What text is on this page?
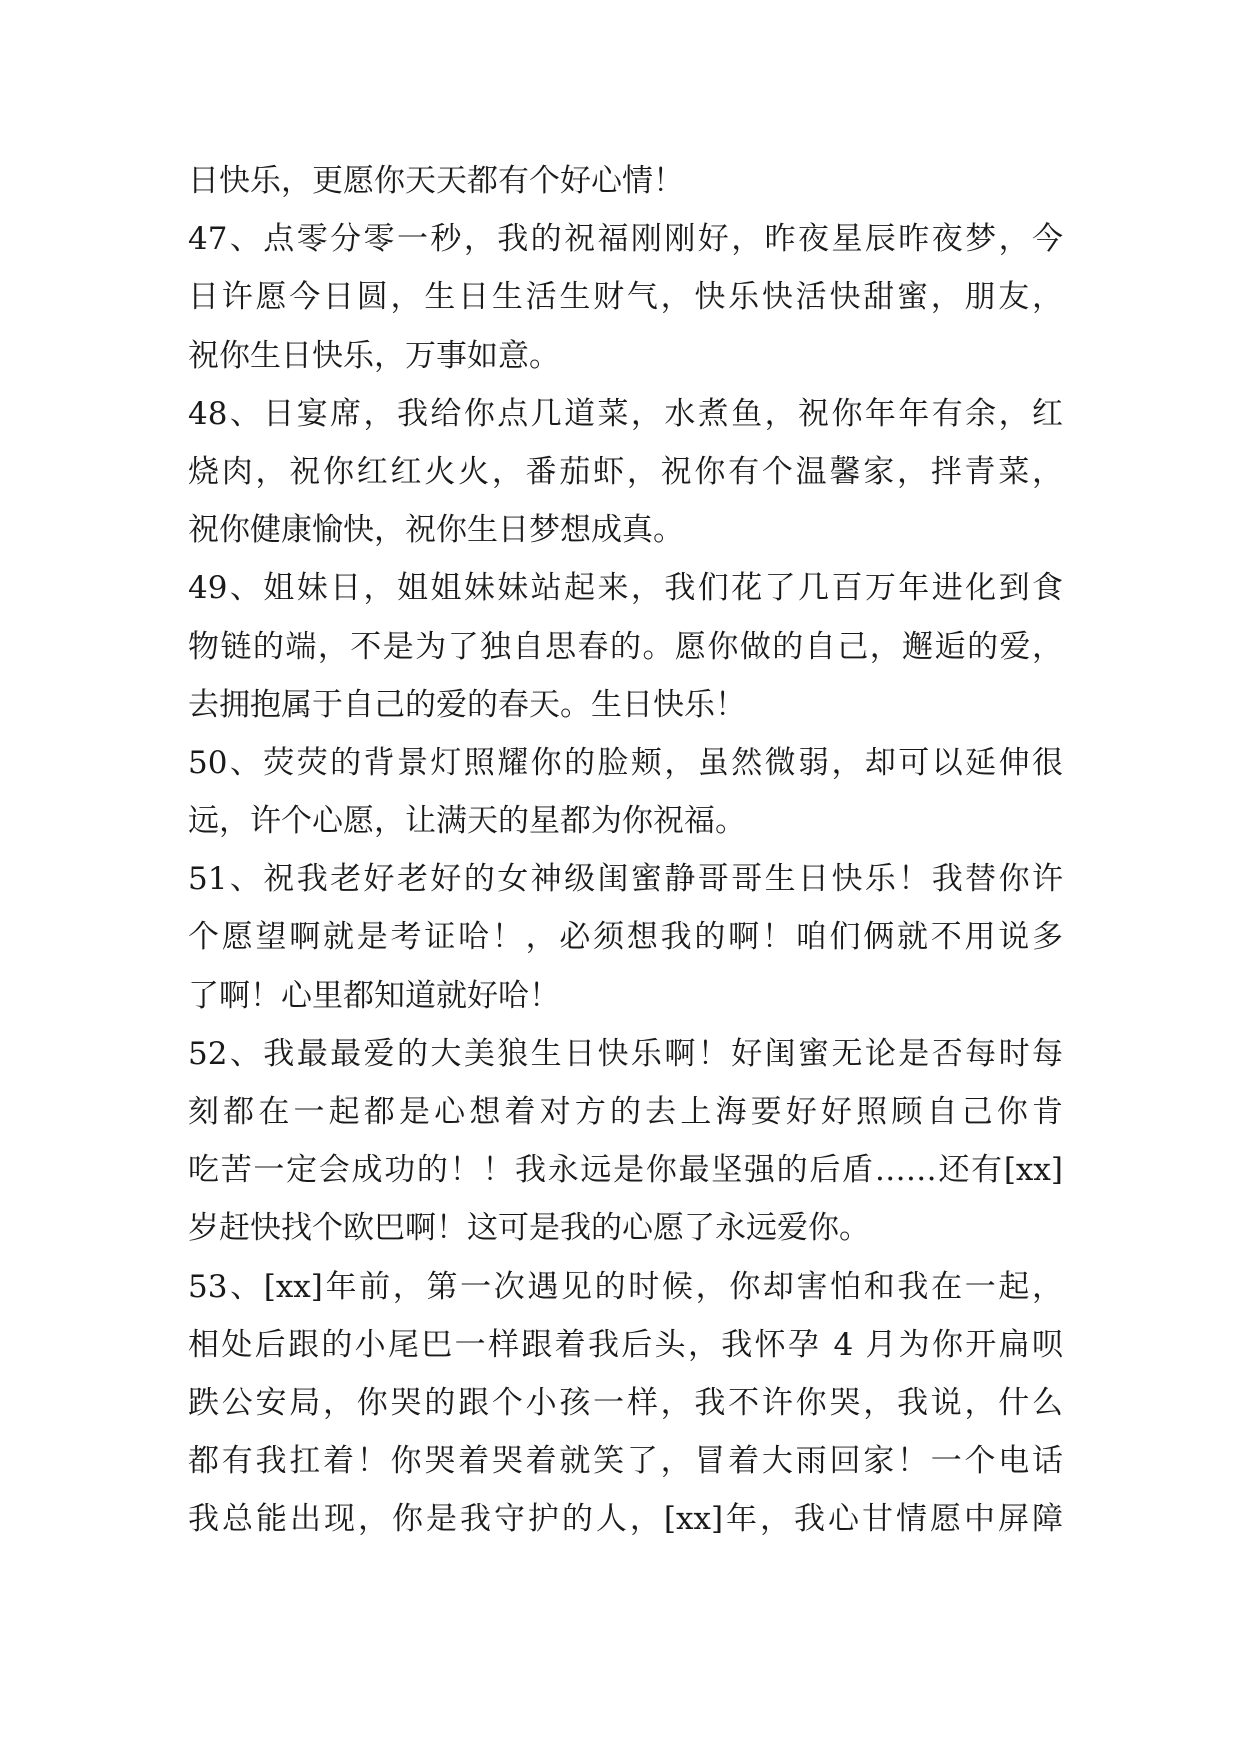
日快乐，更愿你天天都有个好心情！
47、点零分零一秒，我的祝福刚刚好，昨夜星辰昨夜梦，今
日许愿今日圆，生日生活生财气，快乐快活快甜蜜，朋友，
祝你生日快乐，万事如意。
48、日宴席，我给你点几道菜，水煮鱼，祝你年年有余，红
烧肉，祝你红红火火，番茄虾，祝你有个温馨家，拌青菜，
祝你健康愉快，祝你生日梦想成真。
49、姐妹日，姐姐妹妹站起来，我们花了几百万年进化到食
物链的端，不是为了独自思春的。愿你做的自己，邂逅的爱，
去拥抱属于自己的爱的春天。生日快乐！
50、荧荧的背景灯照耀你的脸颊，虽然微弱，却可以延伸很
远，许个心愿，让满天的星都为你祝福。
51、祝我老好老好的女神级闺蜜静哥哥生日快乐！我替你许
个愿望啊就是考证哈！，必须想我的啊！咱们俩就不用说多
了啊！心里都知道就好哈！
52、我最最爱的大美狼生日快乐啊！好闺蜜无论是否每时每
刻都在一起都是心想着对方的去上海要好好照顾自己你肯
吃苦一定会成功的！！我永远是你最坚强的后盾……还有[xx]
岁赶快找个欧巴啊！这可是我的心愿了永远爱你。
53、[xx]年前，第一次遇见的时候，你却害怕和我在一起，
相处后跟的小尾巴一样跟着我后头，我怀孕 4 月为你开扁呗
跌公安局，你哭的跟个小孩一样，我不许你哭，我说，什么
都有我扛着！你哭着哭着就笑了，冒着大雨回家！一个电话
我总能出现，你是我守护的人，[xx]年，我心甘情愿中屏障
